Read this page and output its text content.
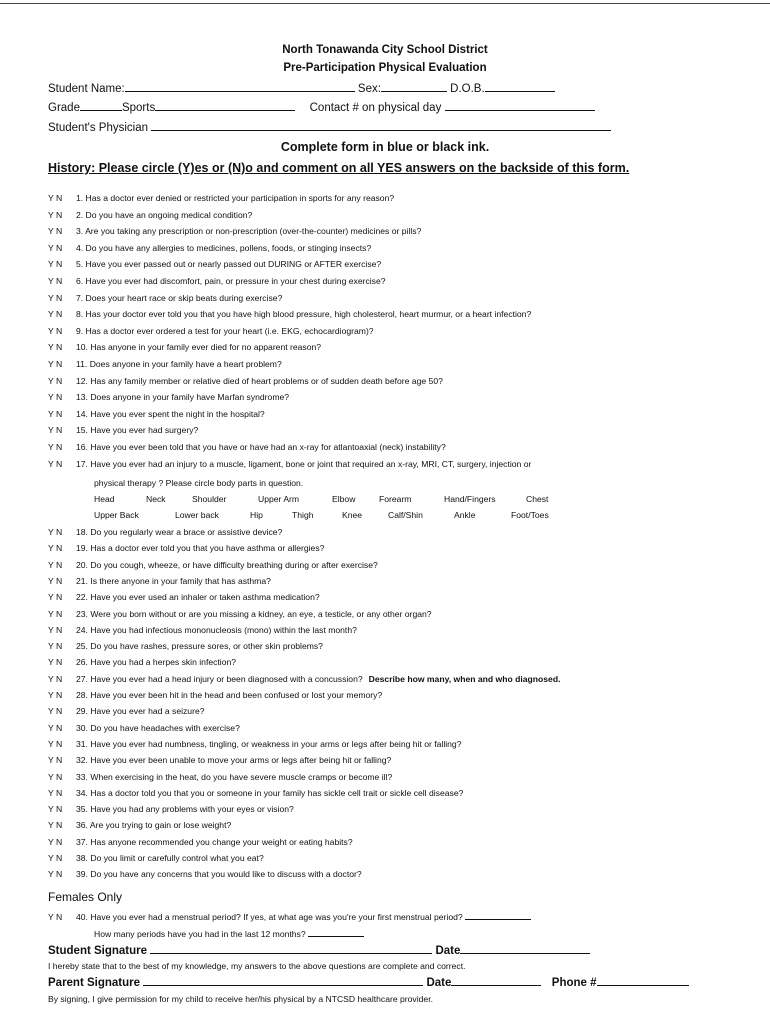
North Tonawanda City School District
Pre-Participation Physical Evaluation
Student Name:	Sex:	D.O.B.
Grade	Sports	Contact # on physical day
Student's Physician
Complete form in blue or black ink.
History: Please circle (Y)es or (N)o and comment on all YES answers on the backside of this form.
Y N 1. Has a doctor ever denied or restricted your participation in sports for any reason?
Y N 2. Do you have an ongoing medical condition?
Y N 3. Are you taking any prescription or non-prescription (over-the-counter) medicines or pills?
Y N 4. Do you have any allergies to medicines, pollens, foods, or stinging insects?
Y N 5. Have you ever passed out or nearly passed out DURING or AFTER exercise?
Y N 6. Have you ever had discomfort, pain, or pressure in your chest during exercise?
Y N 7. Does your heart race or skip beats during exercise?
Y N 8. Has your doctor ever told you that you have high blood pressure, high cholesterol, heart murmur, or a heart infection?
Y N 9. Has a doctor ever ordered a test for your heart (i.e. EKG, echocardiogram)?
Y N 10. Has anyone in your family ever died for no apparent reason?
Y N 11. Does anyone in your family have a heart problem?
Y N 12. Has any family member or relative died of heart problems or of sudden death before age 50?
Y N 13. Does anyone in your family have Marfan syndrome?
Y N 14. Have you ever spent the night in the hospital?
Y N 15. Have you ever had surgery?
Y N 16. Have you ever been told that you have or have had an x-ray for atlantoaxial (neck) instability?
Y N 17. Have you ever had an injury to a muscle, ligament, bone or joint that required an x-ray, MRI, CT, surgery, injection or
physical therapy ? Please circle body parts in question.
Head	Neck	Shoulder	Upper Arm	Elbow	Forearm	Hand/Fingers	Chest
Upper Back	Lower back	Hip	Thigh	Knee	Calf/Shin	Ankle	Foot/Toes
Y N 18. Do you regularly wear a brace or assistive device?
Y N 19. Has a doctor ever told you that you have asthma or allergies?
Y N 20. Do you cough, wheeze, or have difficulty breathing during or after exercise?
Y N 21. Is there anyone in your family that has asthma?
Y N 22. Have you ever used an inhaler or taken asthma medication?
Y N 23. Were you born without or are you missing a kidney, an eye, a testicle, or any other organ?
Y N 24. Have you had infectious mononucleosis (mono) within the last month?
Y N 25. Do you have rashes, pressure sores, or other skin problems?
Y N 26. Have you had a herpes skin infection?
Y N 27. Have you ever had a head injury or been diagnosed with a concussion? Describe how many, when and who diagnosed.
Y N 28. Have you ever been hit in the head and been confused or lost your memory?
Y N 29. Have you ever had a seizure?
Y N 30. Do you have headaches with exercise?
Y N 31. Have you ever had numbness, tingling, or weakness in your arms or legs after being hit or falling?
Y N 32. Have you ever been unable to move your arms or legs after being hit or falling?
Y N 33. When exercising in the heat, do you have severe muscle cramps or become ill?
Y N 34. Has a doctor told you that you or someone in your family has sickle cell trait or sickle cell disease?
Y N 35. Have you had any problems with your eyes or vision?
Y N 36. Are you trying to gain or lose weight?
Y N 37. Has anyone recommended you change your weight or eating habits?
Y N 38. Do you limit or carefully control what you eat?
Y N 39. Do you have any concerns that you would like to discuss with a doctor?
Females Only
Y N 40. Have you ever had a menstrual period? If yes, at what age was you're your first menstrual period?
How many periods have you had in the last 12 months?
Student Signature	Date
I hereby state that to the best of my knowledge, my answers to the above questions are complete and correct.
Parent Signature	Date	Phone #
By signing, I give permission for my child to receive her/his physical by a NTCSD healthcare provider.
